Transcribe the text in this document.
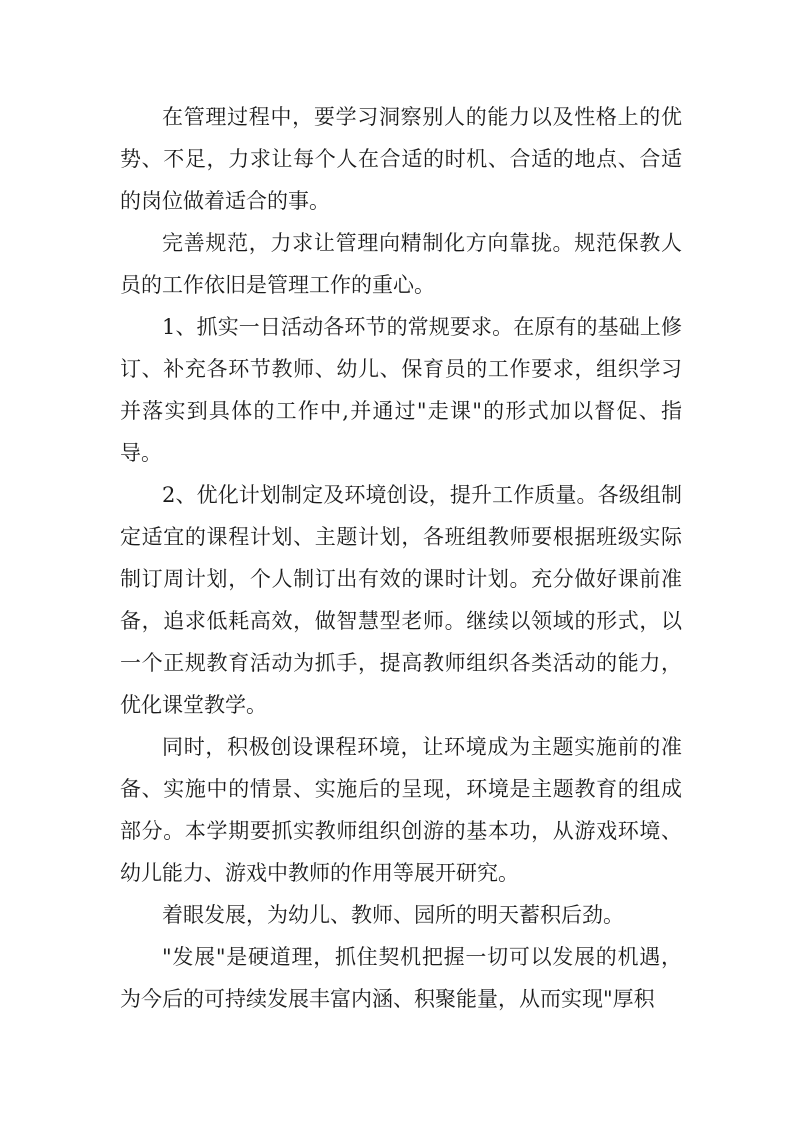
在管理过程中，要学习洞察别人的能力以及性格上的优势、不足，力求让每个人在合适的时机、合适的地点、合适的岗位做着适合的事。

完善规范，力求让管理向精制化方向靠拢。规范保教人员的工作依旧是管理工作的重心。

1、抓实一日活动各环节的常规要求。在原有的基础上修订、补充各环节教师、幼儿、保育员的工作要求，组织学习并落实到具体的工作中,并通过"走课"的形式加以督促、指导。

2、优化计划制定及环境创设，提升工作质量。各级组制定适宜的课程计划、主题计划，各班组教师要根据班级实际制订周计划，个人制订出有效的课时计划。充分做好课前准备，追求低耗高效，做智慧型老师。继续以领域的形式，以一个正规教育活动为抓手，提高教师组织各类活动的能力，优化课堂教学。

同时，积极创设课程环境，让环境成为主题实施前的准备、实施中的情景、实施后的呈现，环境是主题教育的组成部分。本学期要抓实教师组织创游的基本功，从游戏环境、幼儿能力、游戏中教师的作用等展开研究。

着眼发展，为幼儿、教师、园所的明天蓄积后劲。

"发展"是硬道理，抓住契机把握一切可以发展的机遇，为今后的可持续发展丰富内涵、积聚能量，从而实现"厚积
